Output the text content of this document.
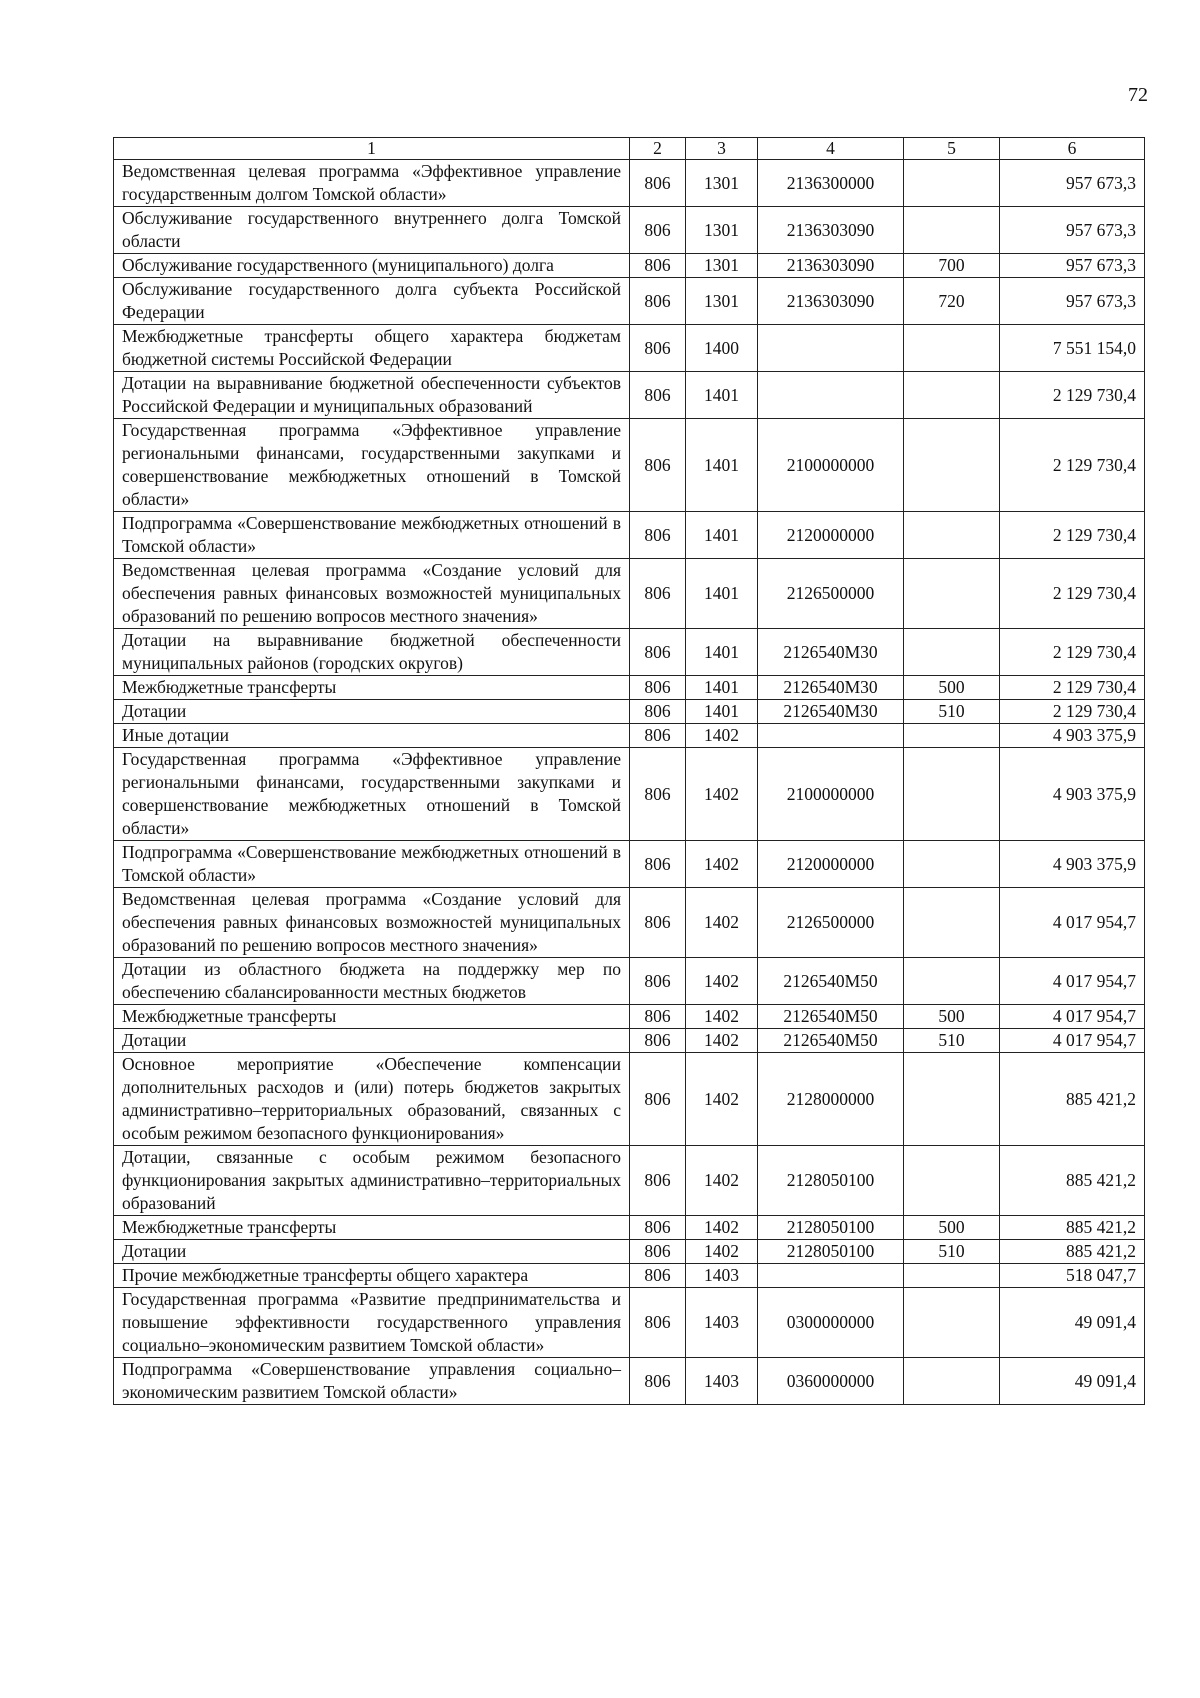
72
1	2	3	4	5	6
Ведомственная целевая программа «Эффективное управление государственным долгом Томской области»	806	1301	2136300000		957 673,3
Обслуживание государственного внутреннего долга Томской области	806	1301	2136303090		957 673,3
Обслуживание государственного (муниципального) долга	806	1301	2136303090	700	957 673,3
Обслуживание государственного долга субъекта Российской Федерации	806	1301	2136303090	720	957 673,3
Межбюджетные трансферты общего характера бюджетам бюджетной системы Российской Федерации	806	1400			7 551 154,0
Дотации на выравнивание бюджетной обеспеченности субъектов Российской Федерации и муниципальных образований	806	1401			2 129 730,4
Государственная программа «Эффективное управление региональными финансами, государственными закупками и совершенствование межбюджетных отношений в Томской области»	806	1401	2100000000		2 129 730,4
Подпрограмма «Совершенствование межбюджетных отношений в Томской области»	806	1401	2120000000		2 129 730,4
Ведомственная целевая программа «Создание условий для обеспечения равных финансовых возможностей муниципальных образований по решению вопросов местного значения»	806	1401	2126500000		2 129 730,4
Дотации на выравнивание бюджетной обеспеченности муниципальных районов (городских округов)	806	1401	2126540М30		2 129 730,4
Межбюджетные трансферты	806	1401	2126540М30	500	2 129 730,4
Дотации	806	1401	2126540М30	510	2 129 730,4
Иные дотации	806	1402			4 903 375,9
Государственная программа «Эффективное управление региональными финансами, государственными закупками и совершенствование межбюджетных отношений в Томской области»	806	1402	2100000000		4 903 375,9
Подпрограмма «Совершенствование межбюджетных отношений в Томской области»	806	1402	2120000000		4 903 375,9
Ведомственная целевая программа «Создание условий для обеспечения равных финансовых возможностей муниципальных образований по решению вопросов местного значения»	806	1402	2126500000		4 017 954,7
Дотации из областного бюджета на поддержку мер по обеспечению сбалансированности местных бюджетов	806	1402	2126540М50		4 017 954,7
Межбюджетные трансферты	806	1402	2126540М50	500	4 017 954,7
Дотации	806	1402	2126540М50	510	4 017 954,7
Основное мероприятие «Обеспечение компенсации дополнительных расходов и (или) потерь бюджетов закрытых административно–территориальных образований, связанных с особым режимом безопасного функционирования»	806	1402	2128000000		885 421,2
Дотации, связанные с особым режимом безопасного функционирования закрытых административно–территориальных образований	806	1402	2128050100		885 421,2
Межбюджетные трансферты	806	1402	2128050100	500	885 421,2
Дотации	806	1402	2128050100	510	885 421,2
Прочие межбюджетные трансферты общего характера	806	1403			518 047,7
Государственная программа «Развитие предпринимательства и повышение эффективности государственного управления социально–экономическим развитием Томской области»	806	1403	0300000000		49 091,4
Подпрограмма «Совершенствование управления социально–экономическим развитием Томской области»	806	1403	0360000000		49 091,4
